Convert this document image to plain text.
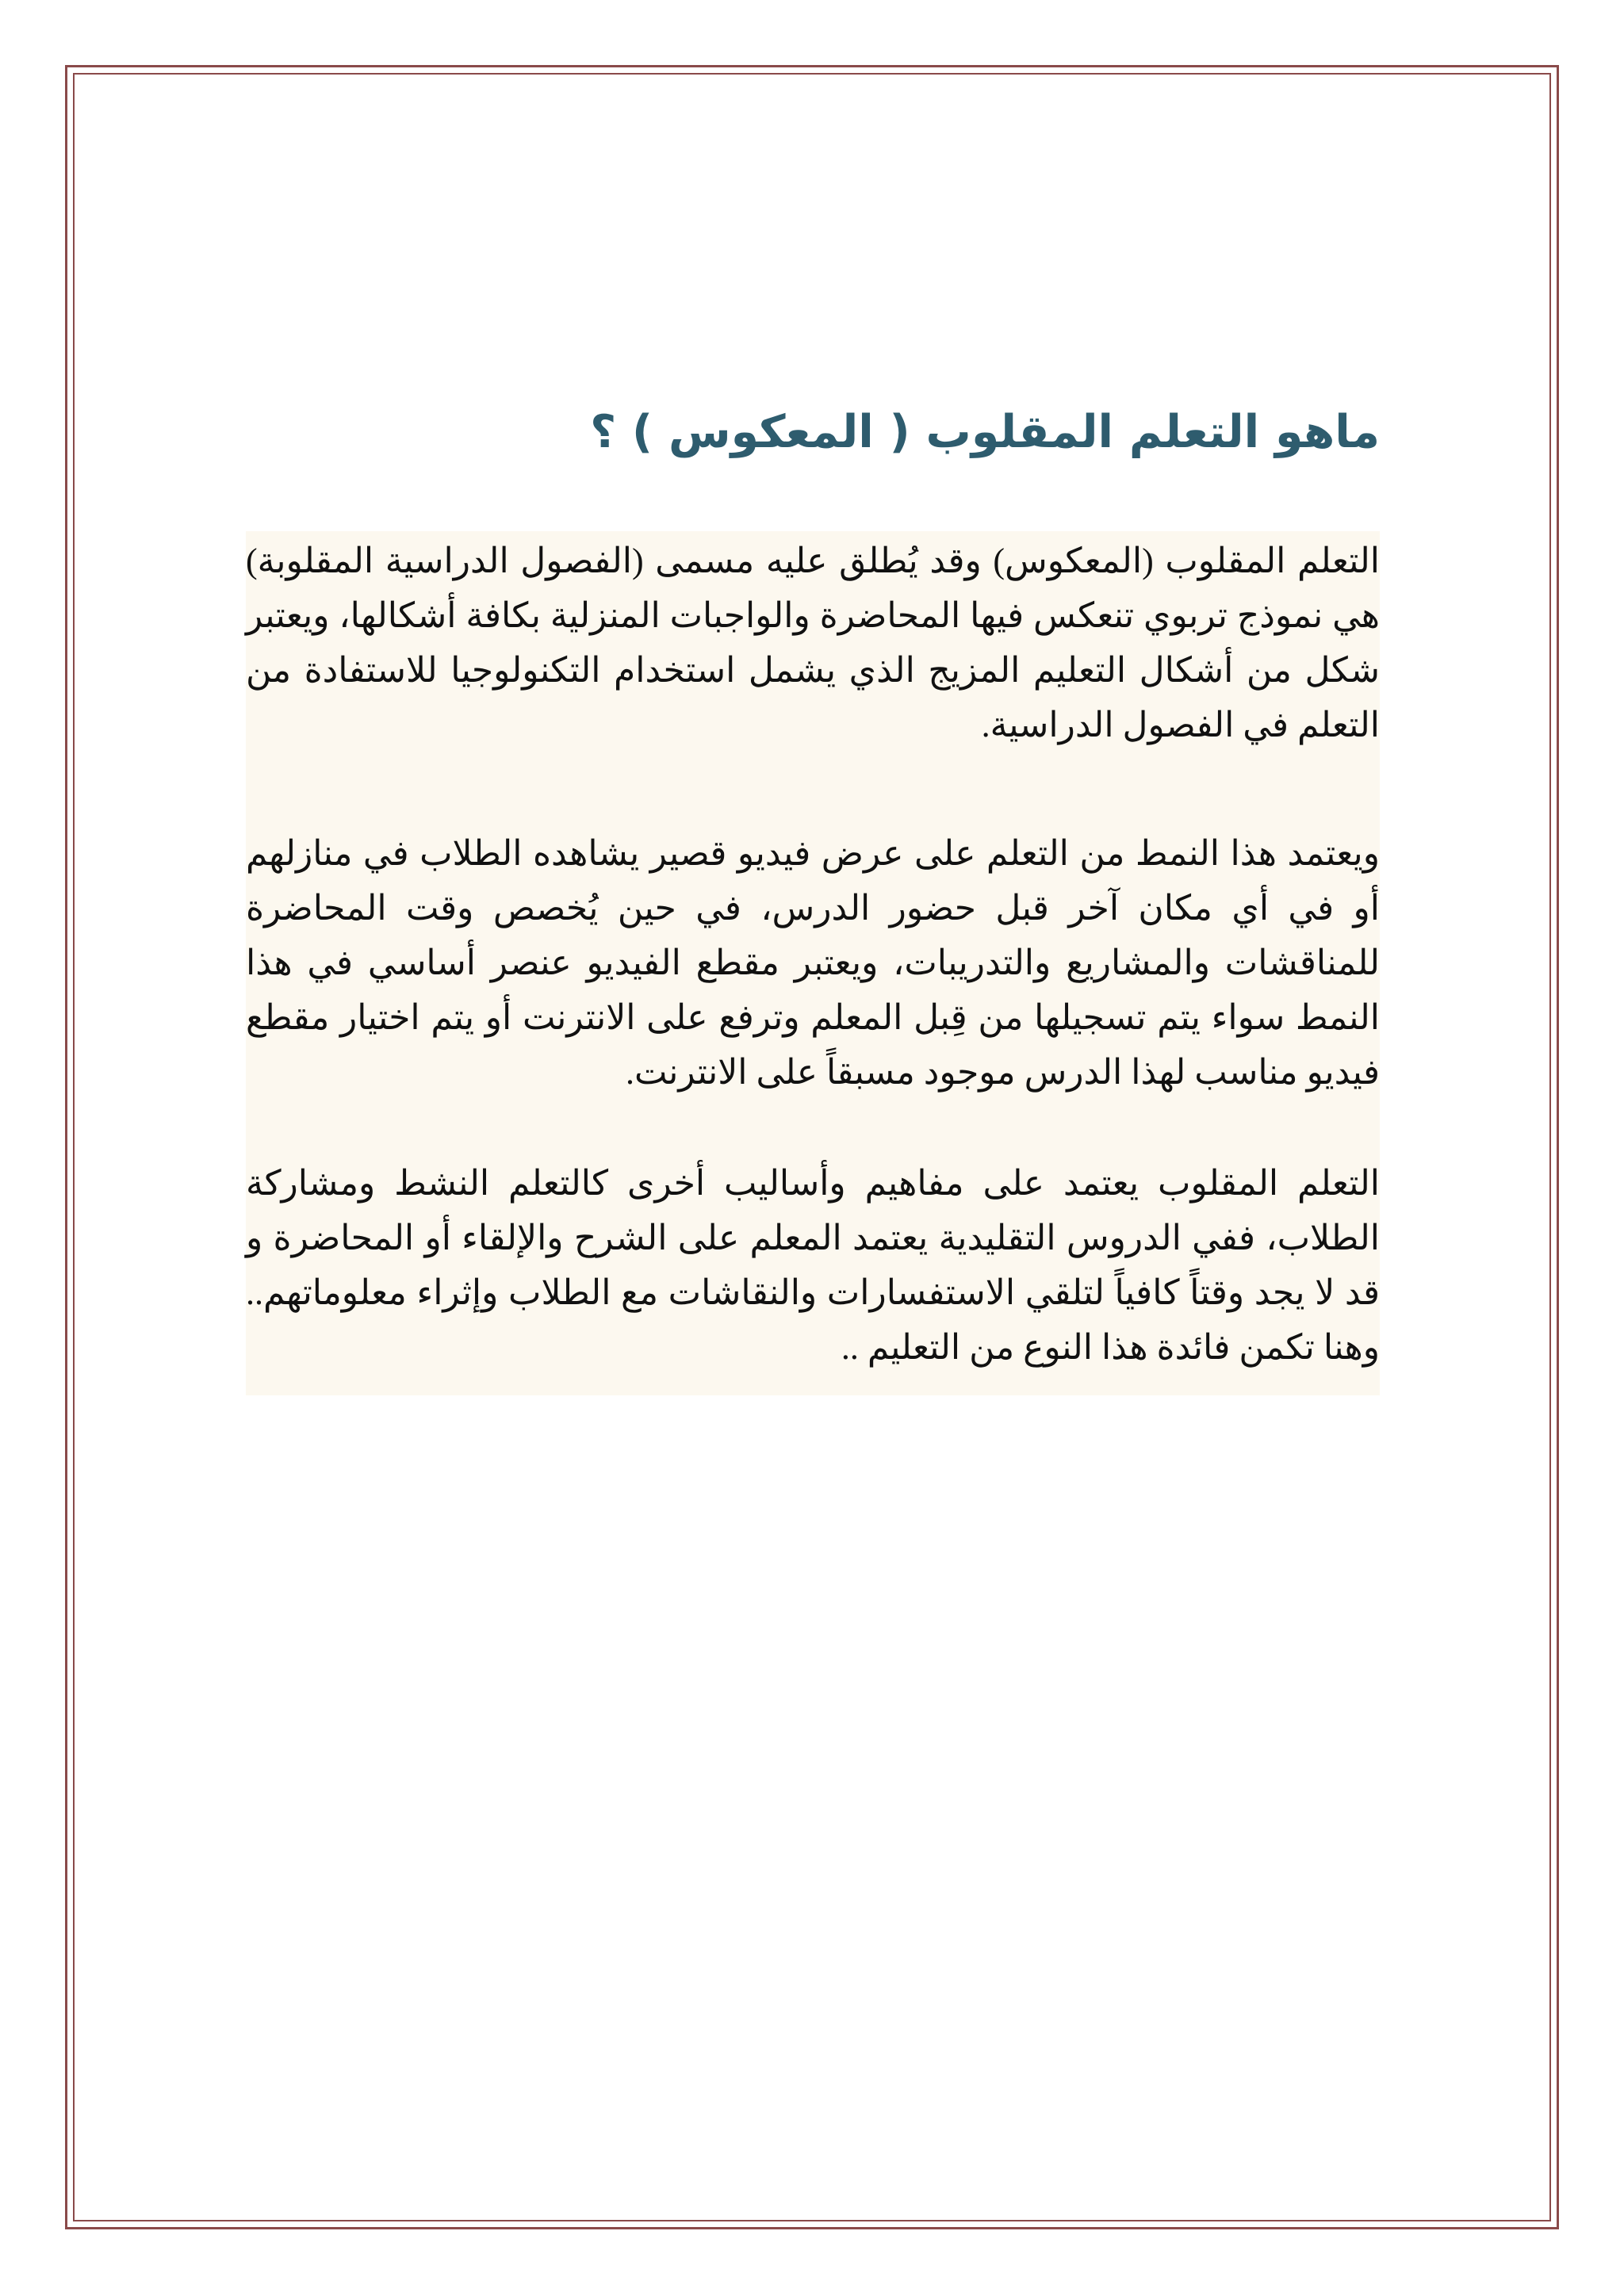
ماهو التعلم المقلوب ( المعكوس ) ؟

التعلم المقلوب (المعكوس) وقد يُطلق عليه مسمى (الفصول الدراسية المقلوبة) هي نموذج تربوي تنعكس فيها المحاضرة والواجبات المنزلية بكافة أشكالها، ويعتبر شكل من أشكال التعليم المزيج الذي يشمل استخدام التكنولوجيا للاستفادة من التعلم في الفصول الدراسية.

ويعتمد هذا النمط من التعلم على عرض فيديو قصير يشاهده الطلاب في منازلهم أو في أي مكان آخر قبل حضور الدرس، في حين يُخصص وقت المحاضرة للمناقشات والمشاريع والتدريبات، ويعتبر مقطع الفيديو عنصر أساسي في هذا النمط سواء يتم تسجيلها من قِبل المعلم وترفع على الانترنت أو يتم اختيار مقطع فيديو مناسب لهذا الدرس موجود مسبقاً على الانترنت.

التعلم المقلوب يعتمد على مفاهيم وأساليب أخرى كالتعلم النشط ومشاركة الطلاب، ففي الدروس التقليدية يعتمد المعلم على الشرح والإلقاء أو المحاضرة و قد لا يجد وقتاً كافياً لتلقي الاستفسارات والنقاشات مع الطلاب وإثراء معلوماتهم.. وهنا تكمن فائدة هذا النوع من التعليم ..
